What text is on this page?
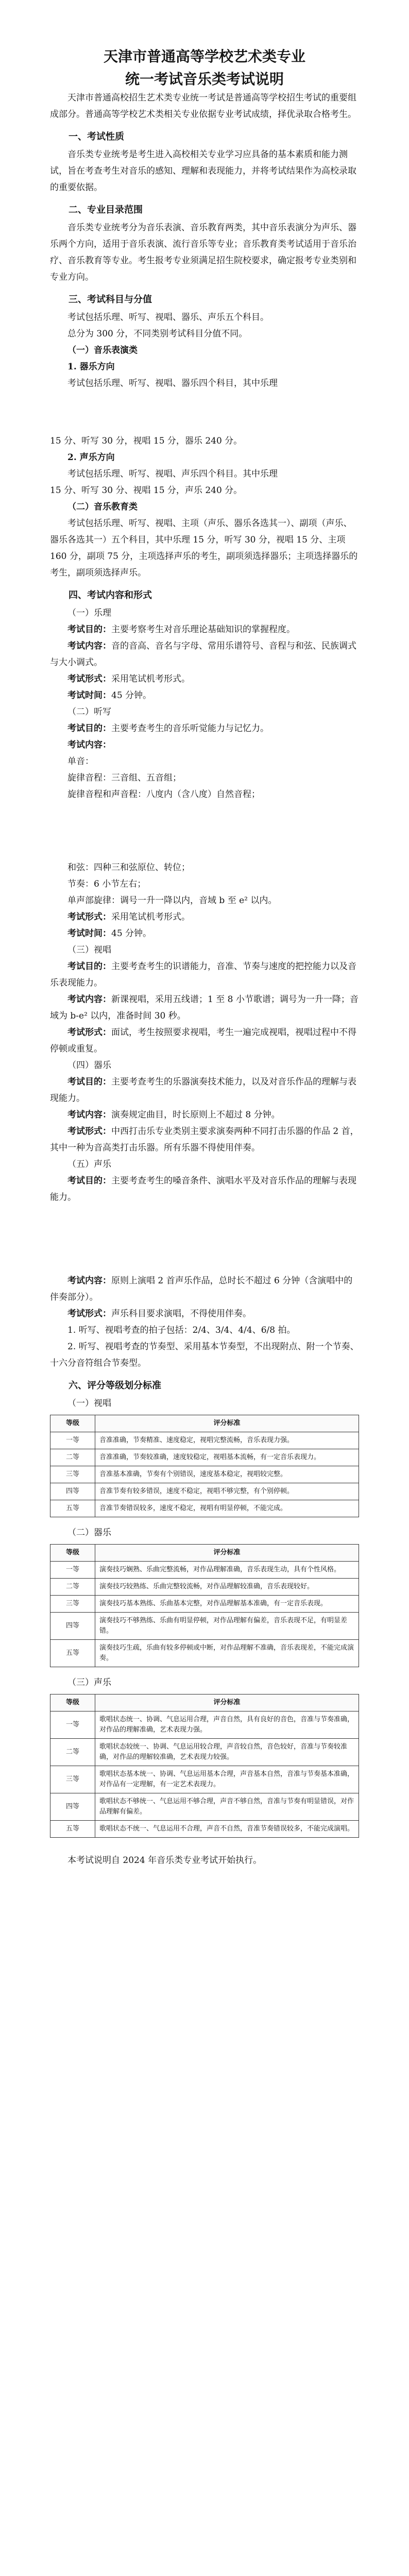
天津市普通高等学校艺术类专业
统一考试音乐类考试说明

天津市普通高校招生艺术类专业统一考试是普通高等学校招生考试的重要组成部分。普通高等学校艺术类相关专业依据专业考试成绩，择优录取合格考生。

一、考试性质

音乐类专业统考是考生进入高校相关专业学习应具备的基本素质和能力测试，旨在考查考生对音乐的感知、理解和表现能力，并将考试结果作为高校录取的重要依据。

二、专业目录范围

音乐类专业统考分为音乐表演、音乐教育两类，其中音乐表演分为声乐、器乐两个方向，适用于音乐表演、流行音乐等专业；音乐教育类考试适用于音乐治疗、音乐教育等专业。考生报考专业须满足招生院校要求，确定报考专业类别和专业方向。

三、考试科目与分值

考试包括乐理、听写、视唱、器乐、声乐五个科目。

总分为 300 分，不同类别考试科目分值不同。

（一）音乐表演类

1. 器乐方向

考试包括乐理、听写、视唱、器乐四个科目，其中乐理

15 分、听写 30 分，视唱 15 分，器乐 240 分。

2. 声乐方向

考试包括乐理、听写、视唱、声乐四个科目。其中乐理

15 分、听写 30 分、视唱 15 分，声乐 240 分。

（二）音乐教育类

考试包括乐理、听写、视唱、主项（声乐、器乐各选其一）、副项（声乐、器乐各选其一）五个科目，其中乐理 15 分，听写 30 分，视唱 15 分、主项 160 分，副项 75 分，主项选择声乐的考生，副项须选择器乐；主项选择器乐的考生，副项须选择声乐。

四、考试内容和形式

（一）乐理

考试目的：主要考察考生对音乐理论基础知识的掌握程度。

考试内容：音的音高、音名与字母、常用乐谱符号、音程与和弦、民族调式与大小调式。

考试形式：采用笔试机考形式。

考试时间：45 分钟。

（二）听写

考试目的：主要考查考生的音乐听觉能力与记忆力。

考试内容：

单音：

旋律音程：三音组、五音组；

旋律音程和声音程：八度内（含八度）自然音程；

和弦：四种三和弦原位、转位；

节奏：6 小节左右；

单声部旋律：调号一升一降以内，音域 b 至 e² 以内。

考试形式：采用笔试机考形式。

考试时间：45 分钟。

（三）视唱

考试目的：主要考查考生的识谱能力，音准、节奏与速度的把控能力以及音乐表现能力。

考试内容：新课视唱，采用五线谱；1 至 8 小节歌谱；调号为一升一降；音域为 b-e² 以内，准备时间 30 秒。

考试形式：面试，考生按照要求视唱，考生一遍完成视唱，视唱过程中不得停顿或重复。

（四）器乐

考试目的：主要考查考生的乐器演奏技术能力，以及对音乐作品的理解与表现能力。

考试内容：演奏规定曲目，时长原则上不超过 8 分钟。

考试形式：中西打击乐专业类别主要求演奏两种不同打击乐器的作品 2 首，其中一种为音高类打击乐器。所有乐器不得使用伴奏。

（五）声乐

考试目的：主要考查考生的嗓音条件、演唱水平及对音乐作品的理解与表现能力。

考试内容：原则上演唱 2 首声乐作品，总时长不超过 6 分钟（含演唱中的伴奏部分）。

考试形式：声乐科目要求演唱，不得使用伴奏。

1. 听写、视唱考查的拍子包括：2/4、3/4、4/4、6/8 拍。

2. 听写、视唱考查的节奏型、采用基本节奏型，不出现附点、附一个节奏、十六分音符组合节奏型。

六、评分等级划分标准

（一）视唱

等级	评分标准
一等	音准准确，节奏精准、速度稳定，视唱完整流畅，音乐表现力强。
二等	音准准确，节奏较准确，速度较稳定，视唱基本流畅，有一定音乐表现力。
三等	音准基本准确，节奏有个别错误，速度基本稳定，视唱较完整。
四等	音准节奏有较多错误，速度不稳定，视唱不够完整，有个别停顿。
五等	音准节奏错误较多，速度不稳定，视唱有明显停顿，不能完成。

（二）器乐

等级	评分标准
一等	演奏技巧娴熟、乐曲完整流畅，对作品理解准确，音乐表现生动，具有个性风格。
二等	演奏技巧较熟练、乐曲完整较流畅，对作品理解较准确，音乐表现较好。
三等	演奏技巧基本熟练、乐曲基本完整，对作品理解基本准确，有一定音乐表现。
四等	演奏技巧不够熟练、乐曲有明显停顿，对作品理解有偏差，音乐表现不足，有明显差错。
五等	演奏技巧生疏，乐曲有较多停顿或中断，对作品理解不准确，音乐表现差，不能完成演奏。

（三）声乐

等级	评分标准
一等	歌唱状态统一、协调、气息运用合理，声音自然，具有良好的音色，音准与节奏准确，对作品的理解准确，艺术表现力强。
二等	歌唱状态较统一、协调、气息运用较合理，声音较自然，音色较好，音准与节奏较准确，对作品的理解较准确，艺术表现力较强。
三等	歌唱状态基本统一、协调、气息运用基本合理，声音基本自然，音准与节奏基本准确，对作品有一定理解，有一定艺术表现力。
四等	歌唱状态不够统一、气息运用不够合理，声音不够自然，音准与节奏有明显错误，对作品理解有偏差。
五等	歌唱状态不统一、气息运用不合理，声音不自然，音准节奏错误较多，不能完成演唱。

本考试说明自 2024 年音乐类专业考试开始执行。
